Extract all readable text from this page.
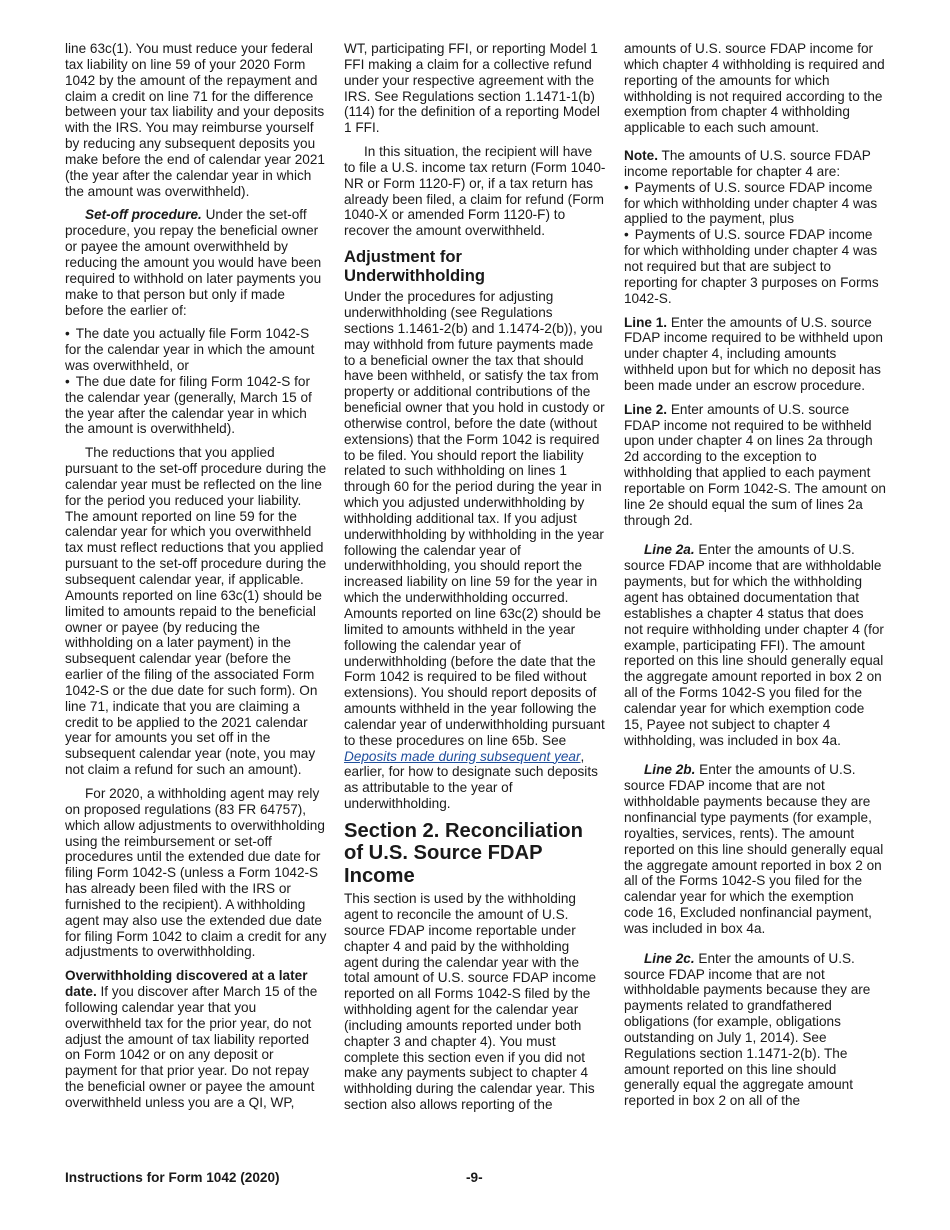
line 63c(1). You must reduce your federal tax liability on line 59 of your 2020 Form 1042 by the amount of the repayment and claim a credit on line 71 for the difference between your tax liability and your deposits with the IRS. You may reimburse yourself by reducing any subsequent deposits you make before the end of calendar year 2021 (the year after the calendar year in which the amount was overwithheld).

Set-off procedure. Under the set-off procedure, you repay the beneficial owner or payee the amount overwithheld by reducing the amount you would have been required to withhold on later payments you make to that person but only if made before the earlier of:

• The date you actually file Form 1042-S for the calendar year in which the amount was overwithheld, or

• The due date for filing Form 1042-S for the calendar year (generally, March 15 of the year after the calendar year in which the amount is overwithheld).

The reductions that you applied pursuant to the set-off procedure during the calendar year must be reflected on the line for the period you reduced your liability. The amount reported on line 59 for the calendar year for which you overwithheld tax must reflect reductions that you applied pursuant to the set-off procedure during the subsequent calendar year, if applicable. Amounts reported on line 63c(1) should be limited to amounts repaid to the beneficial owner or payee (by reducing the withholding on a later payment) in the subsequent calendar year (before the earlier of the filing of the associated Form 1042-S or the due date for such form). On line 71, indicate that you are claiming a credit to be applied to the 2021 calendar year for amounts you set off in the subsequent calendar year (note, you may not claim a refund for such an amount).

For 2020, a withholding agent may rely on proposed regulations (83 FR 64757), which allow adjustments to overwithholding using the reimbursement or set-off procedures until the extended due date for filing Form 1042-S (unless a Form 1042-S has already been filed with the IRS or furnished to the recipient). A withholding agent may also use the extended due date for filing Form 1042 to claim a credit for any adjustments to overwithholding.

Overwithholding discovered at a later date. If you discover after March 15 of the following calendar year that you overwithheld tax for the prior year, do not adjust the amount of tax liability reported on Form 1042 or on any deposit or payment for that prior year. Do not repay the beneficial owner or payee the amount overwithheld unless you are a QI, WP,

WT, participating FFI, or reporting Model 1 FFI making a claim for a collective refund under your respective agreement with the IRS. See Regulations section 1.1471-1(b)(114) for the definition of a reporting Model 1 FFI.

In this situation, the recipient will have to file a U.S. income tax return (Form 1040-NR or Form 1120-F) or, if a tax return has already been filed, a claim for refund (Form 1040-X or amended Form 1120-F) to recover the amount overwithheld.

Adjustment for Underwithholding

Under the procedures for adjusting underwithholding (see Regulations sections 1.1461-2(b) and 1.1474-2(b)), you may withhold from future payments made to a beneficial owner the tax that should have been withheld, or satisfy the tax from property or additional contributions of the beneficial owner that you hold in custody or otherwise control, before the date (without extensions) that the Form 1042 is required to be filed. You should report the liability related to such withholding on lines 1 through 60 for the period during the year in which you adjusted underwithholding by withholding additional tax. If you adjust underwithholding by withholding in the year following the calendar year of underwithholding, you should report the increased liability on line 59 for the year in which the underwithholding occurred. Amounts reported on line 63c(2) should be limited to amounts withheld in the year following the calendar year of underwithholding (before the date that the Form 1042 is required to be filed without extensions). You should report deposits of amounts withheld in the year following the calendar year of underwithholding pursuant to these procedures on line 65b. See Deposits made during subsequent year, earlier, for how to designate such deposits as attributable to the year of underwithholding.

Section 2. Reconciliation of U.S. Source FDAP Income

This section is used by the withholding agent to reconcile the amount of U.S. source FDAP income reportable under chapter 4 and paid by the withholding agent during the calendar year with the total amount of U.S. source FDAP income reported on all Forms 1042-S filed by the withholding agent for the calendar year (including amounts reported under both chapter 3 and chapter 4). You must complete this section even if you did not make any payments subject to chapter 4 withholding during the calendar year. This section also allows reporting of the

amounts of U.S. source FDAP income for which chapter 4 withholding is required and reporting of the amounts for which withholding is not required according to the exemption from chapter 4 withholding applicable to each such amount.

Note. The amounts of U.S. source FDAP income reportable for chapter 4 are:

• Payments of U.S. source FDAP income for which withholding under chapter 4 was applied to the payment, plus

• Payments of U.S. source FDAP income for which withholding under chapter 4 was not required but that are subject to reporting for chapter 3 purposes on Forms 1042-S.

Line 1. Enter the amounts of U.S. source FDAP income required to be withheld upon under chapter 4, including amounts withheld upon but for which no deposit has been made under an escrow procedure.

Line 2. Enter amounts of U.S. source FDAP income not required to be withheld upon under chapter 4 on lines 2a through 2d according to the exception to withholding that applied to each payment reportable on Form 1042-S. The amount on line 2e should equal the sum of lines 2a through 2d.

Line 2a. Enter the amounts of U.S. source FDAP income that are withholdable payments, but for which the withholding agent has obtained documentation that establishes a chapter 4 status that does not require withholding under chapter 4 (for example, participating FFI). The amount reported on this line should generally equal the aggregate amount reported in box 2 on all of the Forms 1042-S you filed for the calendar year for which exemption code 15, Payee not subject to chapter 4 withholding, was included in box 4a.

Line 2b. Enter the amounts of U.S. source FDAP income that are not withholdable payments because they are nonfinancial type payments (for example, royalties, services, rents). The amount reported on this line should generally equal the aggregate amount reported in box 2 on all of the Forms 1042-S you filed for the calendar year for which the exemption code 16, Excluded nonfinancial payment, was included in box 4a.

Line 2c. Enter the amounts of U.S. source FDAP income that are not withholdable payments because they are payments related to grandfathered obligations (for example, obligations outstanding on July 1, 2014). See Regulations section 1.1471-2(b). The amount reported on this line should generally equal the aggregate amount reported in box 2 on all of the

Instructions for Form 1042 (2020)	-9-
